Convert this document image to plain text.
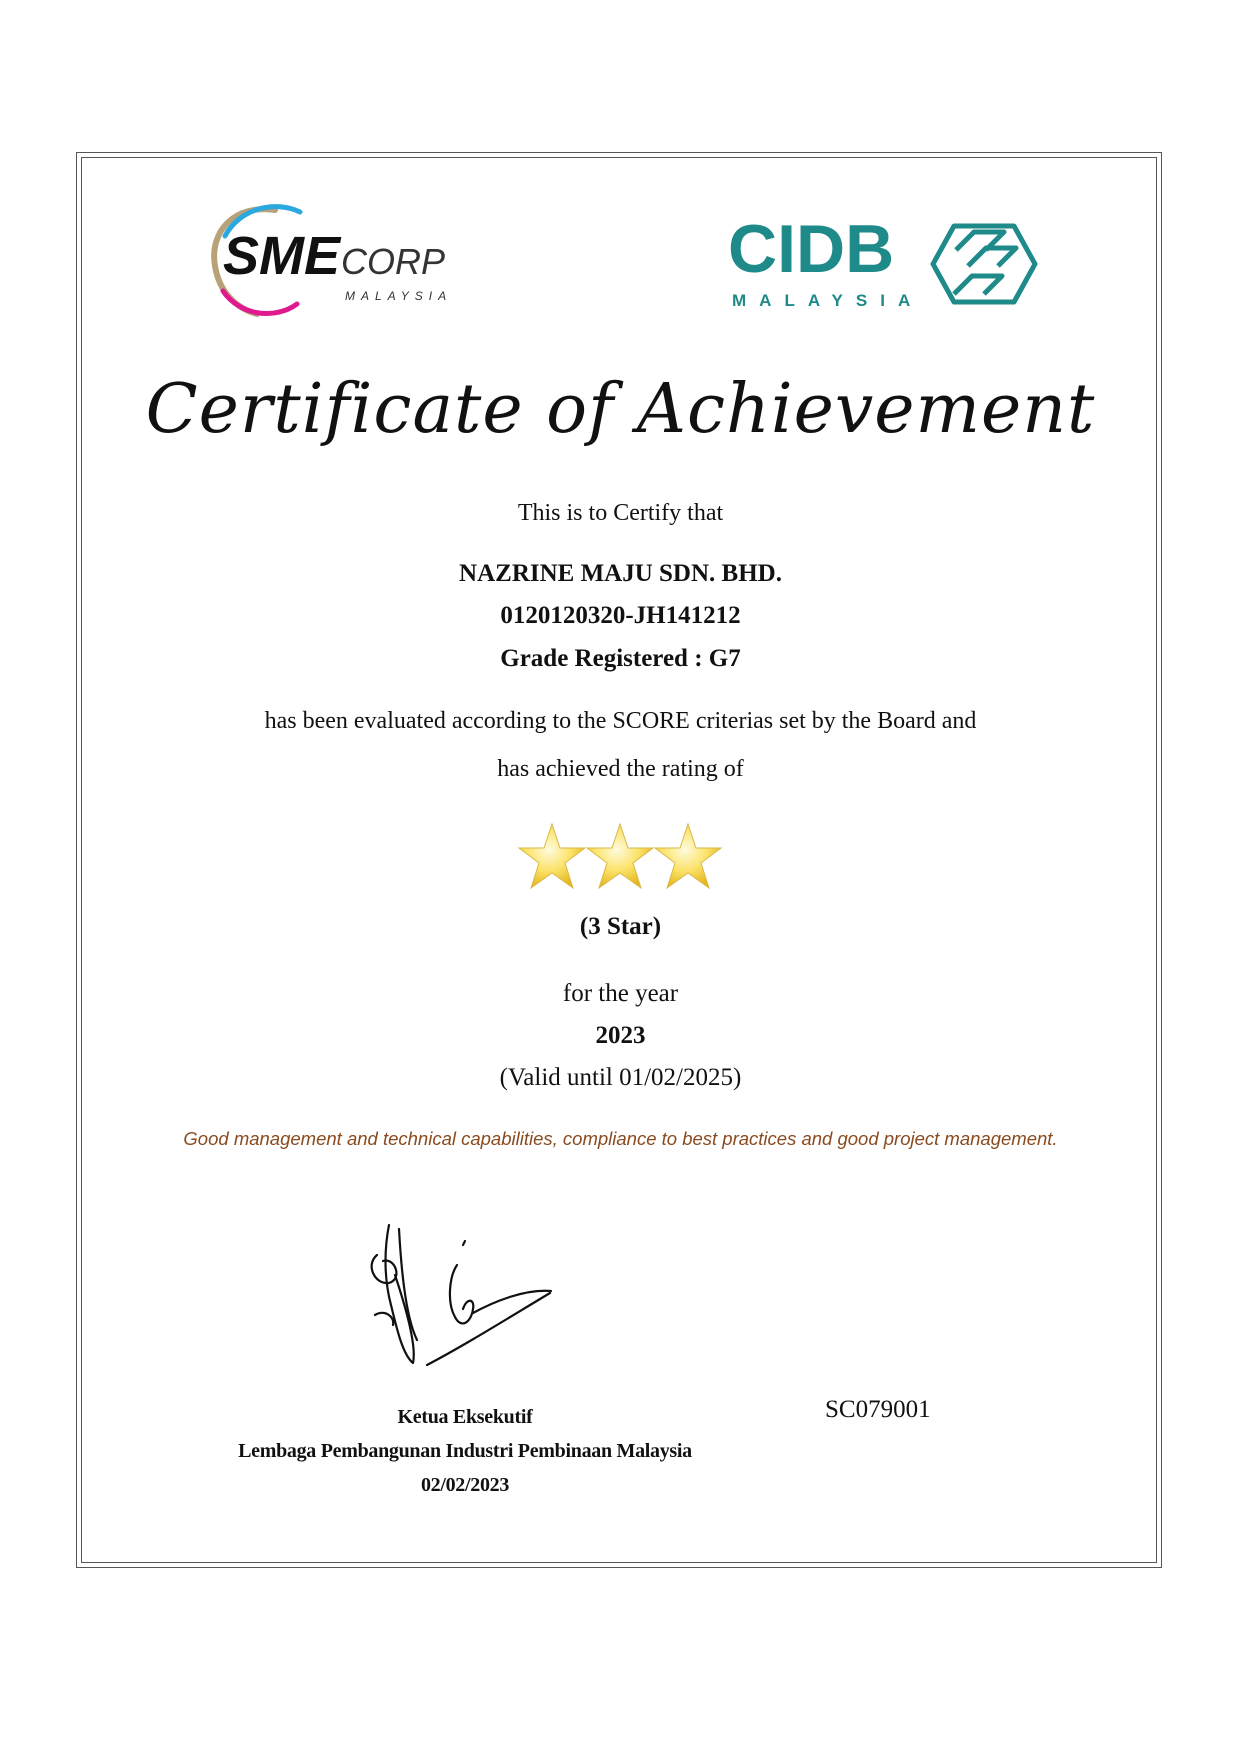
SME CORP
MALAYSIA
CIDB
MALAYSIA
Certificate of Achievement
This is to Certify that
NAZRINE MAJU SDN. BHD.
0120120320-JH141212
Grade Registered : G7
has been evaluated according to the SCORE criterias set by the Board and
has achieved the rating of
(3 Star)
for the year
2023
(Valid until 01/02/2025)
Good management and technical capabilities, compliance to best practices and good project management.
Ketua Eksekutif
Lembaga Pembangunan Industri Pembinaan Malaysia
02/02/2023
SC079001
